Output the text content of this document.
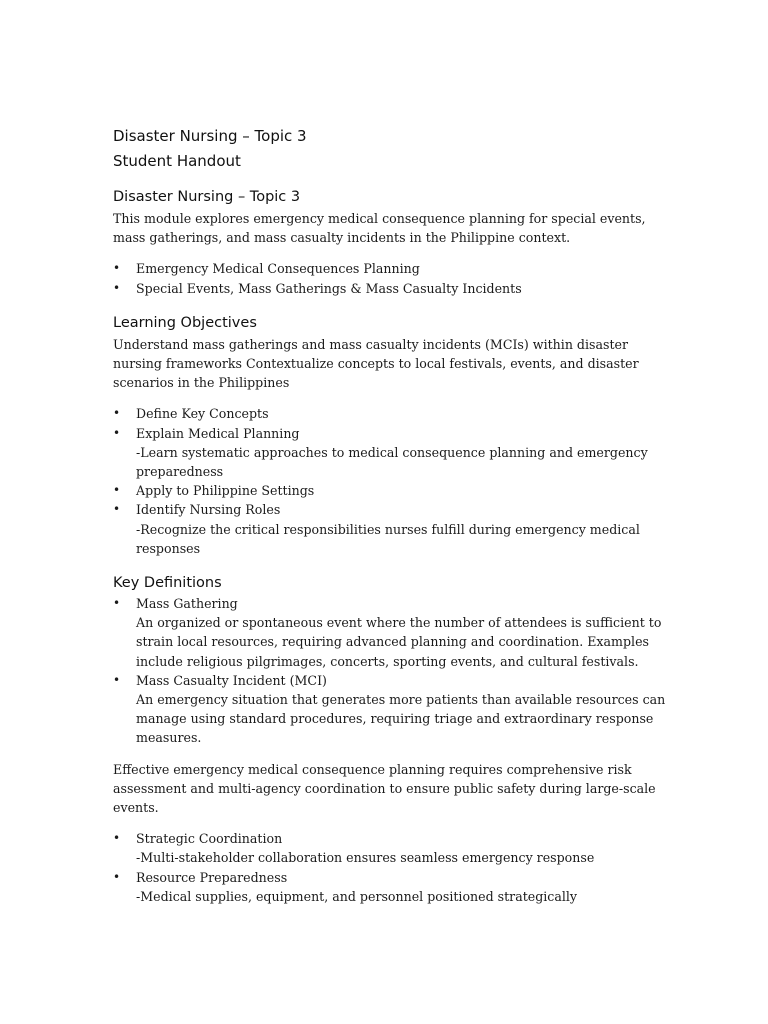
Disaster Nursing – Topic 3
Student Handout
Disaster Nursing – Topic 3

This module explores emergency medical consequence planning for special events, mass gatherings, and mass casualty incidents in the Philippine context.

• Emergency Medical Consequences Planning
• Special Events, Mass Gatherings & Mass Casualty Incidents
Learning Objectives

Understand mass gatherings and mass casualty incidents (MCIs) within disaster nursing frameworks Contextualize concepts to local festivals, events, and disaster scenarios in the Philippines

• Define Key Concepts
• Explain Medical Planning
-Learn systematic approaches to medical consequence planning and emergency preparedness
• Apply to Philippine Settings
• Identify Nursing Roles
-Recognize the critical responsibilities nurses fulfill during emergency medical responses
Key Definitions
• Mass Gathering
An organized or spontaneous event where the number of attendees is sufficient to strain local resources, requiring advanced planning and coordination. Examples include religious pilgrimages, concerts, sporting events, and cultural festivals.
• Mass Casualty Incident (MCI)
An emergency situation that generates more patients than available resources can manage using standard procedures, requiring triage and extraordinary response measures.

Effective emergency medical consequence planning requires comprehensive risk assessment and multi-agency coordination to ensure public safety during large-scale events.

• Strategic Coordination
-Multi-stakeholder collaboration ensures seamless emergency response
• Resource Preparedness
-Medical supplies, equipment, and personnel positioned strategically
